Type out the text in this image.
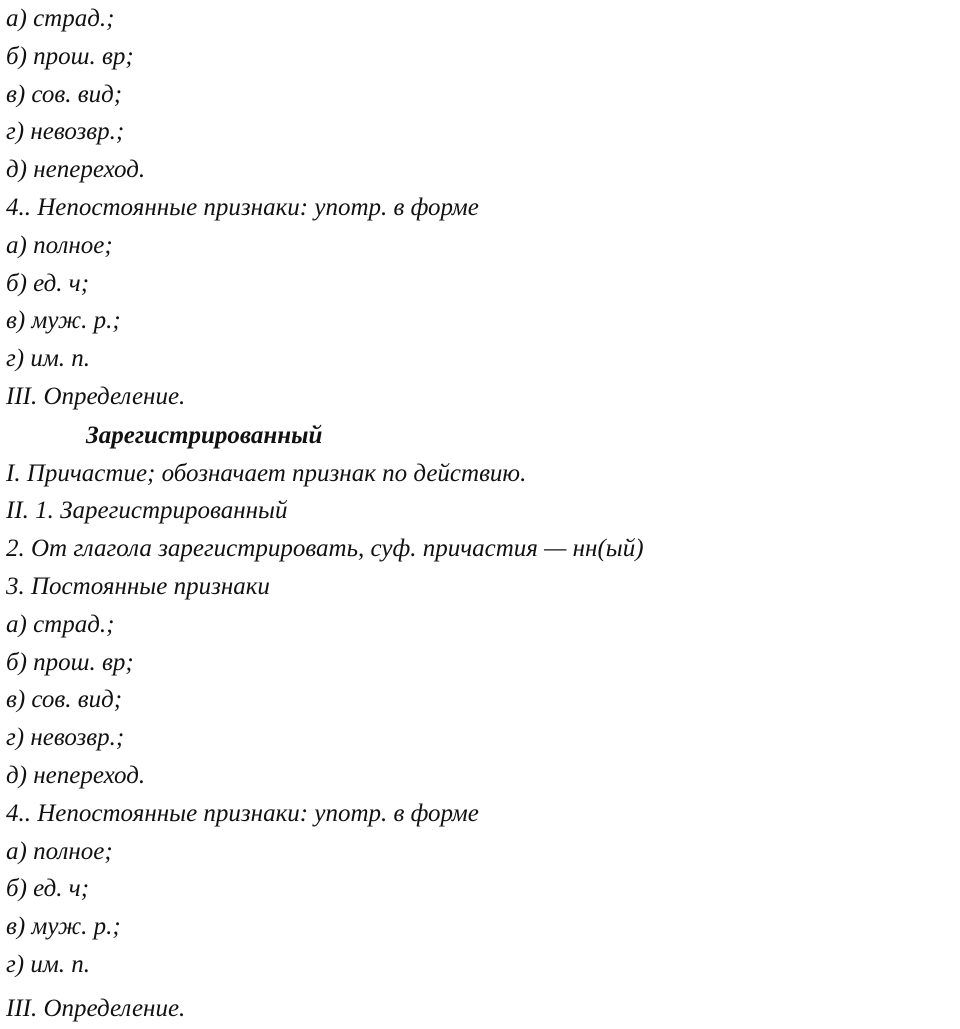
а) страд.;
б) прош. вр;
в) сов. вид;
г) невозвр.;
д) непереход.
4.. Непостоянные признаки: употр. в форме
а) полное;
б) ед. ч;
в) муж. р.;
г) им. п.
III. Определение.
Зарегистрированный
I. Причастие; обозначает признак по действию.
II. 1. Зарегистрированный
2. От глагола зарегистрировать, суф. причастия — нн(ый)
3. Постоянные признаки
а) страд.;
б) прош. вр;
в) сов. вид;
г) невозвр.;
д) непереход.
4.. Непостоянные признаки: употр. в форме
а) полное;
б) ед. ч;
в) муж. р.;
г) им. п.
III. Определение.
